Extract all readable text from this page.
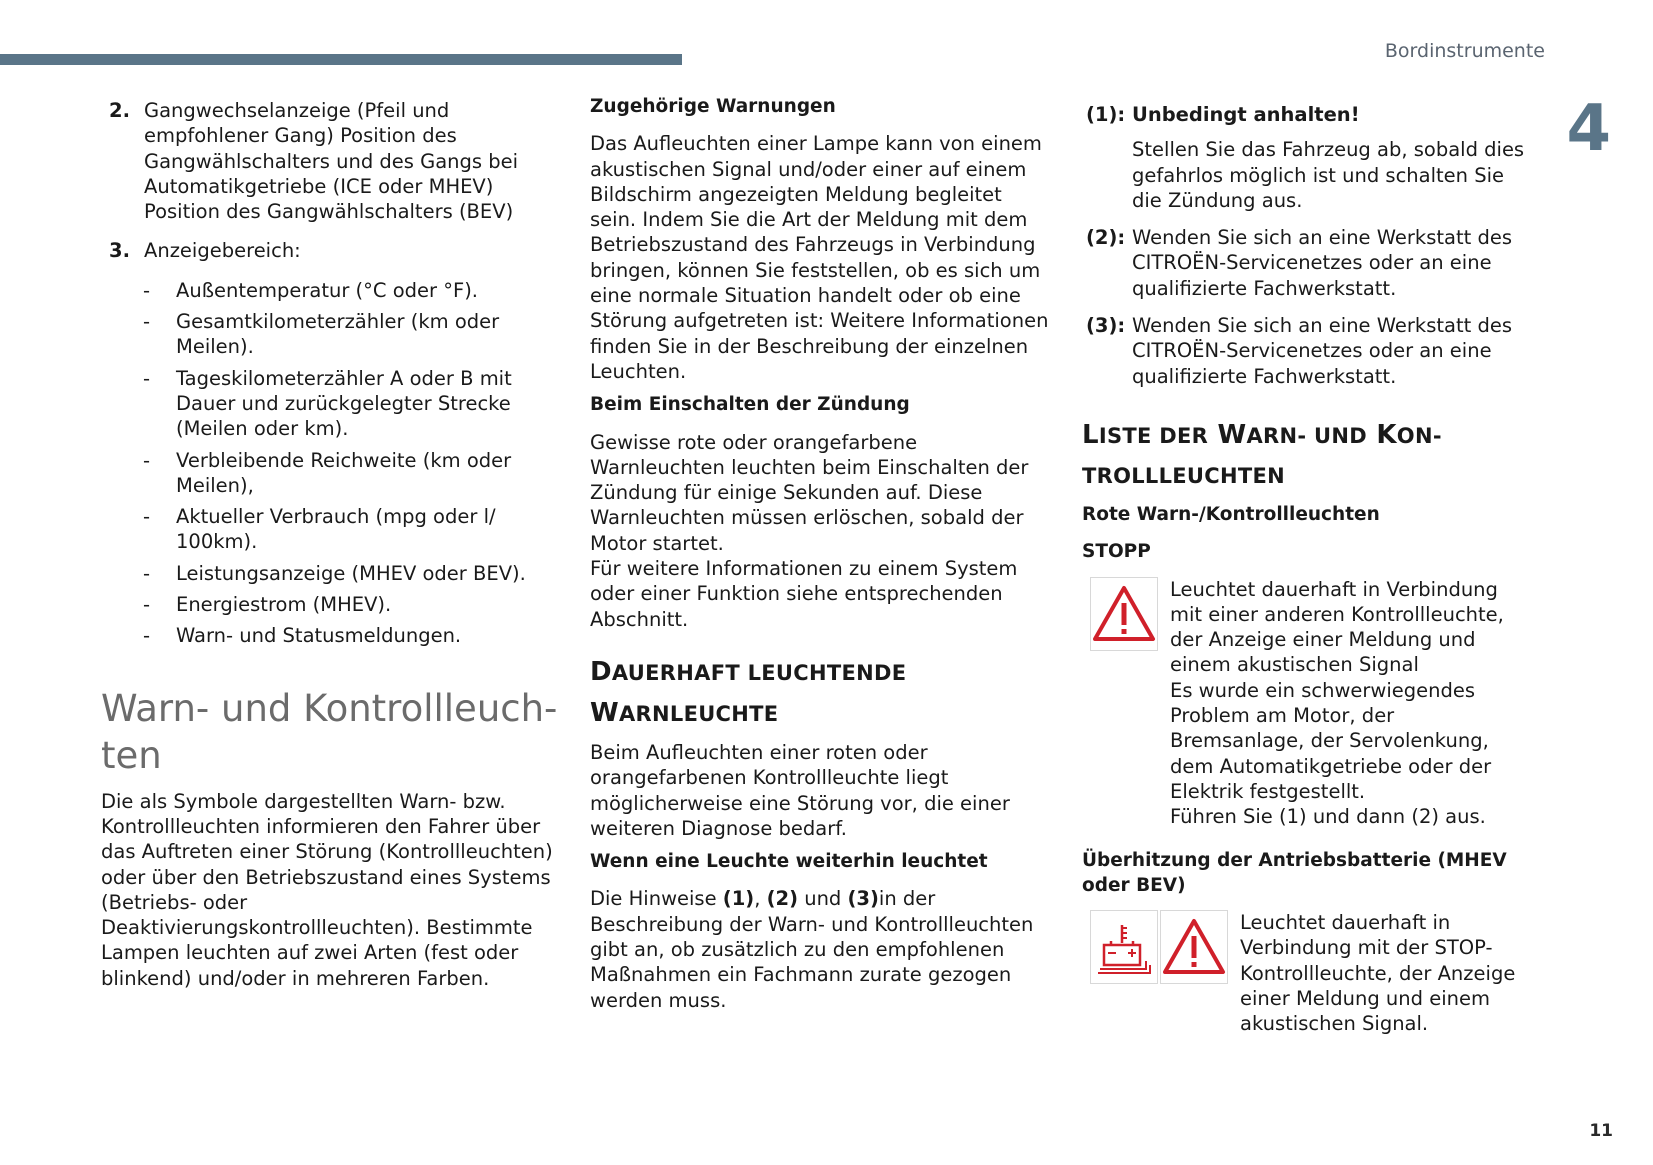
Bordinstrumente
4
11
2. Gangwechselanzeige (Pfeil und empfohlener Gang) Position des Gangwählschalters und des Gangs bei Automatikgetriebe (ICE oder MHEV) Position des Gangwählschalters (BEV)
3. Anzeigebereich:
- Außentemperatur (°C oder °F).
- Gesamtkilometerzähler (km oder Meilen).
- Tageskilometerzähler A oder B mit Dauer und zurückgelegter Strecke (Meilen oder km).
- Verbleibende Reichweite (km oder Meilen),
- Aktueller Verbrauch (mpg oder l/ 100km).
- Leistungsanzeige (MHEV oder BEV).
- Energiestrom (MHEV).
- Warn- und Statusmeldungen.
Warn- und Kontrollleuch-
ten

Die als Symbole dargestellten Warn- bzw. Kontrollleuchten informieren den Fahrer über das Auftreten einer Störung (Kontrollleuchten) oder über den Betriebszustand eines Systems (Betriebs- oder Deaktivierungskontrollleuchten). Bestimmte Lampen leuchten auf zwei Arten (fest oder blinkend) und/oder in mehreren Farben.

Zugehörige Warnungen

Das Aufleuchten einer Lampe kann von einem akustischen Signal und/oder einer auf einem Bildschirm angezeigten Meldung begleitet sein. Indem Sie die Art der Meldung mit dem Betriebszustand des Fahrzeugs in Verbindung bringen, können Sie feststellen, ob es sich um eine normale Situation handelt oder ob eine Störung aufgetreten ist: Weitere Informationen finden Sie in der Beschreibung der einzelnen Leuchten.

Beim Einschalten der Zündung

Gewisse rote oder orangefarbene Warnleuchten leuchten beim Einschalten der Zündung für einige Sekunden auf. Diese Warnleuchten müssen erlöschen, sobald der Motor startet.

Für weitere Informationen zu einem System oder einer Funktion siehe entsprechenden Abschnitt.

DAUERHAFT LEUCHTENDE
WARNLEUCHTE

Beim Aufleuchten einer roten oder orangefarbenen Kontrollleuchte liegt möglicherweise eine Störung vor, die einer weiteren Diagnose bedarf.

Wenn eine Leuchte weiterhin leuchtet

Die Hinweise (1), (2) und (3)in der Beschreibung der Warn- und Kontrollleuchten gibt an, ob zusätzlich zu den empfohlenen Maßnahmen ein Fachmann zurate gezogen werden muss.

(1): Unbedingt anhalten!
Stellen Sie das Fahrzeug ab, sobald dies gefahrlos möglich ist und schalten Sie die Zündung aus.
(2): Wenden Sie sich an eine Werkstatt des CITROËN-Servicenetzes oder an eine qualifizierte Fachwerkstatt.
(3): Wenden Sie sich an eine Werkstatt des CITROËN-Servicenetzes oder an eine qualifizierte Fachwerkstatt.
LISTE DER WARN- UND KON-
TROLLLEUCHTEN

Rote Warn-/Kontrollleuchten

STOPP

Leuchtet dauerhaft in Verbindung mit einer anderen Kontrollleuchte, der Anzeige einer Meldung und einem akustischen Signal

Es wurde ein schwerwiegendes Problem am Motor, der Bremsanlage, der Servolenkung, dem Automatikgetriebe oder der Elektrik festgestellt.

Führen Sie (1) und dann (2) aus.

Überhitzung der Antriebsbatterie (MHEV oder BEV)

Leuchtet dauerhaft in Verbindung mit der STOP-Kontrollleuchte, der Anzeige einer Meldung und einem akustischen Signal.
